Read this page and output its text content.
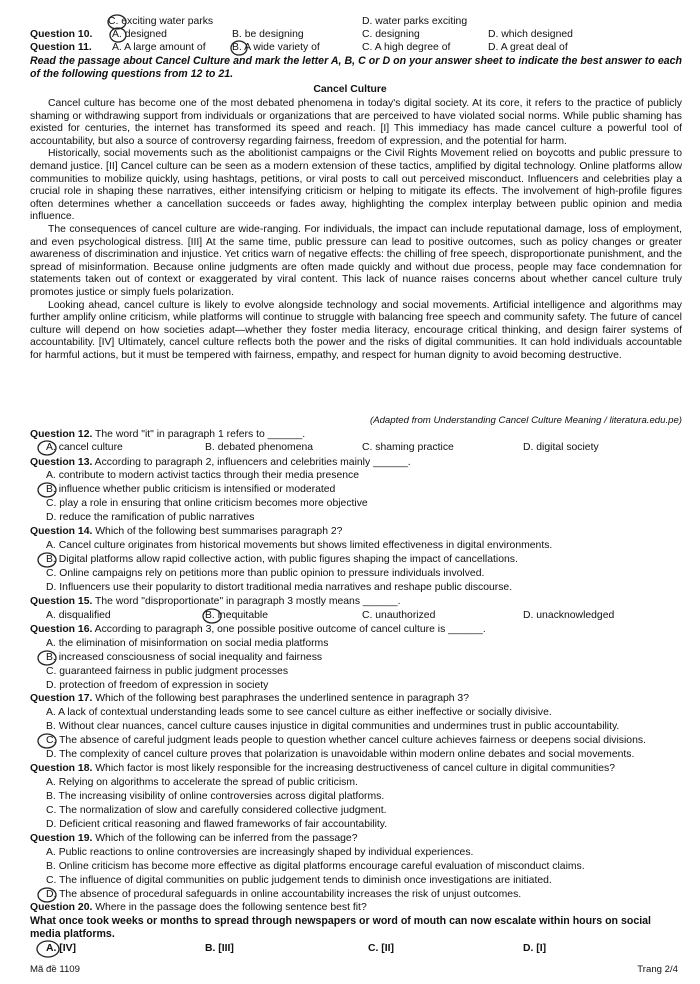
C. exciting water parks	D. water parks exciting
Question 10. A. designed	B. be designing	C. designing	D. which designed
Question 11. A. A large amount of	B. A wide variety of	C. A high degree of	D. A great deal of
Read the passage about Cancel Culture and mark the letter A, B, C or D on your answer sheet to indicate the best answer to each of the following questions from 12 to 21.
Cancel Culture

Cancel culture has become one of the most debated phenomena in today's digital society. At its core, it refers to the practice of publicly shaming or withdrawing support from individuals or organizations that are perceived to have violated social norms. While public shaming has existed for centuries, the internet has transformed its speed and reach. [I] This immediacy has made cancel culture a powerful tool of accountability, but also a source of controversy regarding fairness, freedom of expression, and the potential for harm.

Historically, social movements such as the abolitionist campaigns or the Civil Rights Movement relied on boycotts and public pressure to demand justice. [II] Cancel culture can be seen as a modern extension of these tactics, amplified by digital technology. Online platforms allow communities to mobilize quickly, using hashtags, petitions, or viral posts to call out perceived misconduct. Influencers and celebrities play a crucial role in shaping these narratives, either intensifying criticism or helping to mitigate its effects. The involvement of high-profile figures often determines whether a cancellation succeeds or fades away, highlighting the complex interplay between public opinion and media influence.

The consequences of cancel culture are wide-ranging. For individuals, the impact can include reputational damage, loss of employment, and even psychological distress. [III] At the same time, public pressure can lead to positive outcomes, such as policy changes or greater awareness of discrimination and injustice. Yet critics warn of negative effects: the chilling of free speech, disproportionate punishment, and the spread of misinformation. Because online judgments are often made quickly and without due process, people may face condemnation for statements taken out of context or exaggerated by viral content. This lack of nuance raises concerns about whether cancel culture truly promotes justice or simply fuels polarization.

Looking ahead, cancel culture is likely to evolve alongside technology and social movements. Artificial intelligence and algorithms may further amplify online criticism, while platforms will continue to struggle with balancing free speech and community safety. The future of cancel culture will depend on how societies adapt—whether they foster media literacy, encourage critical thinking, and design fairer systems of accountability. [IV] Ultimately, cancel culture reflects both the power and the risks of digital communities. It can hold individuals accountable for harmful actions, but it must be tempered with fairness, empathy, and respect for human dignity to avoid becoming destructive.

(Adapted from Understanding Cancel Culture Meaning / literatura.edu.pe)
Question 12. The word "it" in paragraph 1 refers to ______.
A. cancel culture	B. debated phenomena	C. shaming practice	D. digital society
Question 13. According to paragraph 2, influencers and celebrities mainly ______.
A. contribute to modern activist tactics through their media presence
B. influence whether public criticism is intensified or moderated
C. play a role in ensuring that online criticism becomes more objective
D. reduce the ramification of public narratives
Question 14. Which of the following best summarises paragraph 2?
A. Cancel culture originates from historical movements but shows limited effectiveness in digital environments.
B. Digital platforms allow rapid collective action, with public figures shaping the impact of cancellations.
C. Online campaigns rely on petitions more than public opinion to pressure individuals involved.
D. Influencers use their popularity to distort traditional media narratives and reshape public discourse.
Question 15. The word "disproportionate" in paragraph 3 mostly means ______.
A. disqualified	B. inequitable	C. unauthorized	D. unacknowledged
Question 16. According to paragraph 3, one possible positive outcome of cancel culture is ______.
A. the elimination of misinformation on social media platforms
B. increased consciousness of social inequality and fairness
C. guaranteed fairness in public judgment processes
D. protection of freedom of expression in society
Question 17. Which of the following best paraphrases the underlined sentence in paragraph 3?
A. A lack of contextual understanding leads some to see cancel culture as either ineffective or socially divisive.
B. Without clear nuances, cancel culture causes injustice in digital communities and undermines trust in public accountability.
C. The absence of careful judgment leads people to question whether cancel culture achieves fairness or deepens social divisions.
D. The complexity of cancel culture proves that polarization is unavoidable within modern online debates and social movements.
Question 18. Which factor is most likely responsible for the increasing destructiveness of cancel culture in digital communities?
A. Relying on algorithms to accelerate the spread of public criticism.
B. The increasing visibility of online controversies across digital platforms.
C. The normalization of slow and carefully considered collective judgment.
D. Deficient critical reasoning and flawed frameworks of fair accountability.
Question 19. Which of the following can be inferred from the passage?
A. Public reactions to online controversies are increasingly shaped by individual experiences.
B. Online criticism has become more effective as digital platforms encourage careful evaluation of misconduct claims.
C. The influence of digital communities on public judgement tends to diminish once investigations are initiated.
D. The absence of procedural safeguards in online accountability increases the risk of unjust outcomes.
Question 20. Where in the passage does the following sentence best fit?
What once took weeks or months to spread through newspapers or word of mouth can now escalate within hours on social media platforms.
A. [IV]	B. [III]	C. [II]	D. [I]
Mã đề 1109	Trang 2/4
